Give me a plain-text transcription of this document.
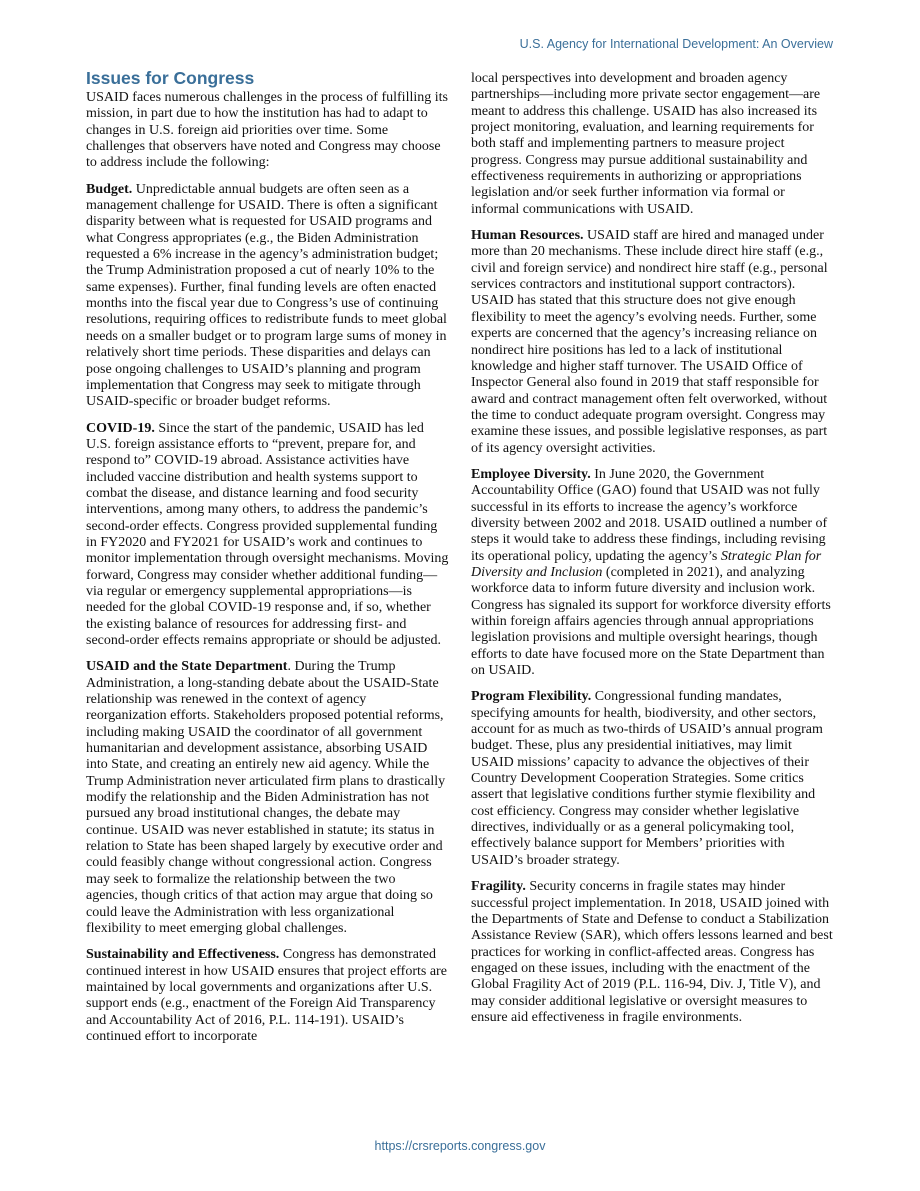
U.S. Agency for International Development: An Overview
Issues for Congress

USAID faces numerous challenges in the process of fulfilling its mission, in part due to how the institution has had to adapt to changes in U.S. foreign aid priorities over time. Some challenges that observers have noted and Congress may choose to address include the following:

Budget. Unpredictable annual budgets are often seen as a management challenge for USAID. There is often a significant disparity between what is requested for USAID programs and what Congress appropriates (e.g., the Biden Administration requested a 6% increase in the agency’s administration budget; the Trump Administration proposed a cut of nearly 10% to the same expenses). Further, final funding levels are often enacted months into the fiscal year due to Congress’s use of continuing resolutions, requiring offices to redistribute funds to meet global needs on a smaller budget or to program large sums of money in relatively short time periods. These disparities and delays can pose ongoing challenges to USAID’s planning and program implementation that Congress may seek to mitigate through USAID-specific or broader budget reforms.

COVID-19. Since the start of the pandemic, USAID has led U.S. foreign assistance efforts to “prevent, prepare for, and respond to” COVID-19 abroad. Assistance activities have included vaccine distribution and health systems support to combat the disease, and distance learning and food security interventions, among many others, to address the pandemic’s second-order effects. Congress provided supplemental funding in FY2020 and FY2021 for USAID’s work and continues to monitor implementation through oversight mechanisms. Moving forward, Congress may consider whether additional funding—via regular or emergency supplemental appropriations—is needed for the global COVID-19 response and, if so, whether the existing balance of resources for addressing first- and second-order effects remains appropriate or should be adjusted.

USAID and the State Department. During the Trump Administration, a long-standing debate about the USAID-State relationship was renewed in the context of agency reorganization efforts. Stakeholders proposed potential reforms, including making USAID the coordinator of all government humanitarian and development assistance, absorbing USAID into State, and creating an entirely new aid agency. While the Trump Administration never articulated firm plans to drastically modify the relationship and the Biden Administration has not pursued any broad institutional changes, the debate may continue. USAID was never established in statute; its status in relation to State has been shaped largely by executive order and could feasibly change without congressional action. Congress may seek to formalize the relationship between the two agencies, though critics of that action may argue that doing so could leave the Administration with less organizational flexibility to meet emerging global challenges.

Sustainability and Effectiveness. Congress has demonstrated continued interest in how USAID ensures that project efforts are maintained by local governments and organizations after U.S. support ends (e.g., enactment of the Foreign Aid Transparency and Accountability Act of 2016, P.L. 114-191). USAID’s continued effort to incorporate

local perspectives into development and broaden agency partnerships—including more private sector engagement—are meant to address this challenge. USAID has also increased its project monitoring, evaluation, and learning requirements for both staff and implementing partners to measure project progress. Congress may pursue additional sustainability and effectiveness requirements in authorizing or appropriations legislation and/or seek further information via formal or informal communications with USAID.

Human Resources. USAID staff are hired and managed under more than 20 mechanisms. These include direct hire staff (e.g., civil and foreign service) and nondirect hire staff (e.g., personal services contractors and institutional support contractors). USAID has stated that this structure does not give enough flexibility to meet the agency’s evolving needs. Further, some experts are concerned that the agency’s increasing reliance on nondirect hire positions has led to a lack of institutional knowledge and higher staff turnover. The USAID Office of Inspector General also found in 2019 that staff responsible for award and contract management often felt overworked, without the time to conduct adequate program oversight. Congress may examine these issues, and possible legislative responses, as part of its agency oversight activities.

Employee Diversity. In June 2020, the Government Accountability Office (GAO) found that USAID was not fully successful in its efforts to increase the agency’s workforce diversity between 2002 and 2018. USAID outlined a number of steps it would take to address these findings, including revising its operational policy, updating the agency’s Strategic Plan for Diversity and Inclusion (completed in 2021), and analyzing workforce data to inform future diversity and inclusion work. Congress has signaled its support for workforce diversity efforts within foreign affairs agencies through annual appropriations legislation provisions and multiple oversight hearings, though efforts to date have focused more on the State Department than on USAID.

Program Flexibility. Congressional funding mandates, specifying amounts for health, biodiversity, and other sectors, account for as much as two-thirds of USAID’s annual program budget. These, plus any presidential initiatives, may limit USAID missions’ capacity to advance the objectives of their Country Development Cooperation Strategies. Some critics assert that legislative conditions further stymie flexibility and cost efficiency. Congress may consider whether legislative directives, individually or as a general policymaking tool, effectively balance support for Members’ priorities with USAID’s broader strategy.

Fragility. Security concerns in fragile states may hinder successful project implementation. In 2018, USAID joined with the Departments of State and Defense to conduct a Stabilization Assistance Review (SAR), which offers lessons learned and best practices for working in conflict-affected areas. Congress has engaged on these issues, including with the enactment of the Global Fragility Act of 2019 (P.L. 116-94, Div. J, Title V), and may consider additional legislative or oversight measures to ensure aid effectiveness in fragile environments.

https://crsreports.congress.gov
